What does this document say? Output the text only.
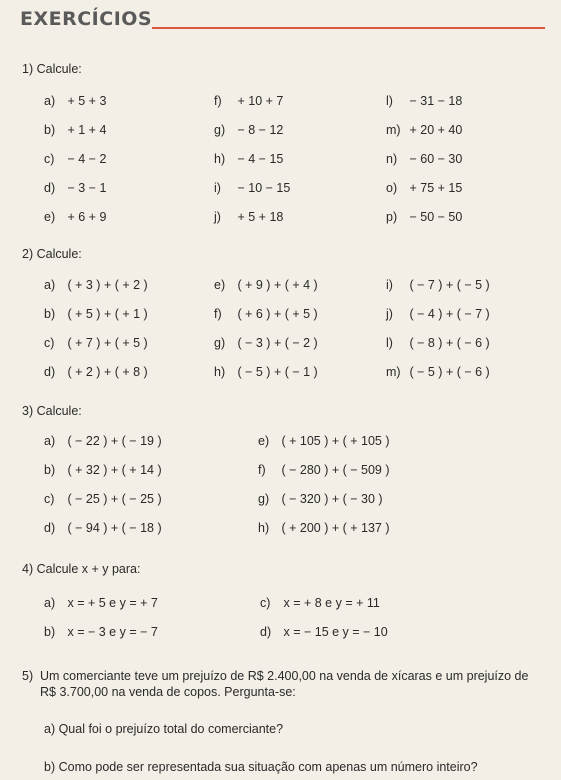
EXERCÍCIOS
1) Calcule:
a) + 5 + 3
b) + 1 + 4
c) − 4 − 2
d) − 3 − 1
e) + 6 + 9
f) + 10 + 7
g) − 8 − 12
h) − 4 − 15
i) − 10 − 15
j) + 5 + 18
l) − 31 − 18
m) + 20 + 40
n) − 60 − 30
o) + 75 + 15
p) − 50 − 50
2) Calcule:
a) ( + 3 ) + ( + 2 )
b) ( + 5 ) + ( + 1 )
c) ( + 7 ) + ( + 5 )
d) ( + 2 ) + ( + 8 )
e) ( + 9 ) + ( + 4 )
f) ( + 6 ) + ( + 5 )
g) ( − 3 ) + ( − 2 )
h) ( − 5 ) + ( − 1 )
i) ( − 7 ) + ( − 5 )
j) ( − 4 ) + ( − 7 )
l) ( − 8 ) + ( − 6 )
m) ( − 5 ) + ( − 6 )
3) Calcule:
a) ( − 22 ) + ( − 19 )
b) ( + 32 ) + ( + 14 )
c) ( − 25 ) + ( − 25 )
d) ( − 94 ) + ( − 18 )
e) ( + 105 ) + ( + 105 )
f) ( − 280 ) + ( − 509 )
g) ( − 320 ) + ( − 30 )
h) ( + 200 ) + ( + 137 )
4) Calcule x + y para:
a) x = + 5 e y = + 7
b) x = − 3 e y = − 7
c) x = + 8 e y = + 11
d) x = − 15 e y = − 10
5) Um comerciante teve um prejuízo de R$ 2.400,00 na venda de xícaras e um prejuízo de R$ 3.700,00 na venda de copos. Pergunta-se:
a) Qual foi o prejuízo total do comerciante?
b) Como pode ser representada sua situação com apenas um número inteiro?
